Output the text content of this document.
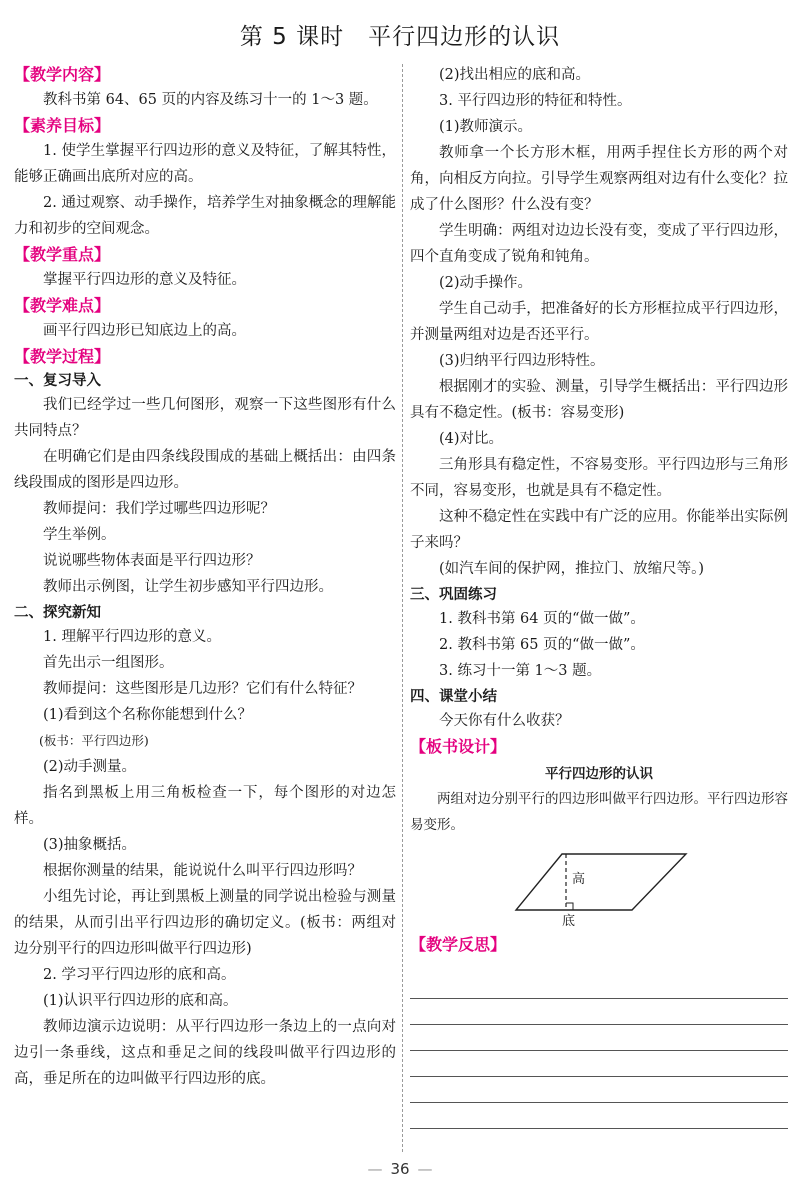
第 5 课时　平行四边形的认识
【教学内容】
教科书第 64、65 页的内容及练习十一的 1～3 题。
【素养目标】
1. 使学生掌握平行四边形的意义及特征，了解其特性，能够正确画出底所对应的高。
2. 通过观察、动手操作，培养学生对抽象概念的理解能力和初步的空间观念。
【教学重点】
掌握平行四边形的意义及特征。
【教学难点】
画平行四边形已知底边上的高。
【教学过程】
一、复习导入
我们已经学过一些几何图形，观察一下这些图形有什么共同特点？
在明确它们是由四条线段围成的基础上概括出：由四条线段围成的图形是四边形。
教师提问：我们学过哪些四边形呢？
学生举例。
说说哪些物体表面是平行四边形？
教师出示例图，让学生初步感知平行四边形。
二、探究新知
1. 理解平行四边形的意义。
首先出示一组图形。
教师提问：这些图形是几边形？它们有什么特征？
(1)看到这个名称你能想到什么？
(板书：平行四边形)
(2)动手测量。
指名到黑板上用三角板检查一下，每个图形的对边怎样。
(3)抽象概括。
根据你测量的结果，能说说什么叫平行四边形吗？
小组先讨论，再让到黑板上测量的同学说出检验与测量的结果，从而引出平行四边形的确切定义。(板书：两组对边分别平行的四边形叫做平行四边形)
2. 学习平行四边形的底和高。
(1)认识平行四边形的底和高。
教师边演示边说明：从平行四边形一条边上的一点向对边引一条垂线，这点和垂足之间的线段叫做平行四边形的高，垂足所在的边叫做平行四边形的底。
(2)找出相应的底和高。
3. 平行四边形的特征和特性。
(1)教师演示。
教师拿一个长方形木框，用两手捏住长方形的两个对角，向相反方向拉。引导学生观察两组对边有什么变化？拉成了什么图形？什么没有变？
学生明确：两组对边边长没有变，变成了平行四边形，四个直角变成了锐角和钝角。
(2)动手操作。
学生自己动手，把准备好的长方形框拉成平行四边形，并测量两组对边是否还平行。
(3)归纳平行四边形特性。
根据刚才的实验、测量，引导学生概括出：平行四边形具有不稳定性。(板书：容易变形)
(4)对比。
三角形具有稳定性，不容易变形。平行四边形与三角形不同，容易变形，也就是具有不稳定性。
这种不稳定性在实践中有广泛的应用。你能举出实际例子来吗？
(如汽车间的保护网，推拉门、放缩尺等。)
三、巩固练习
1. 教科书第 64 页的“做一做”。
2. 教科书第 65 页的“做一做”。
3. 练习十一第 1～3 题。
四、课堂小结
今天你有什么收获？
【板书设计】
平行四边形的认识
两组对边分别平行的四边形叫做平行四边形。平行四边形容易变形。
高
底
【教学反思】
— 36 —
